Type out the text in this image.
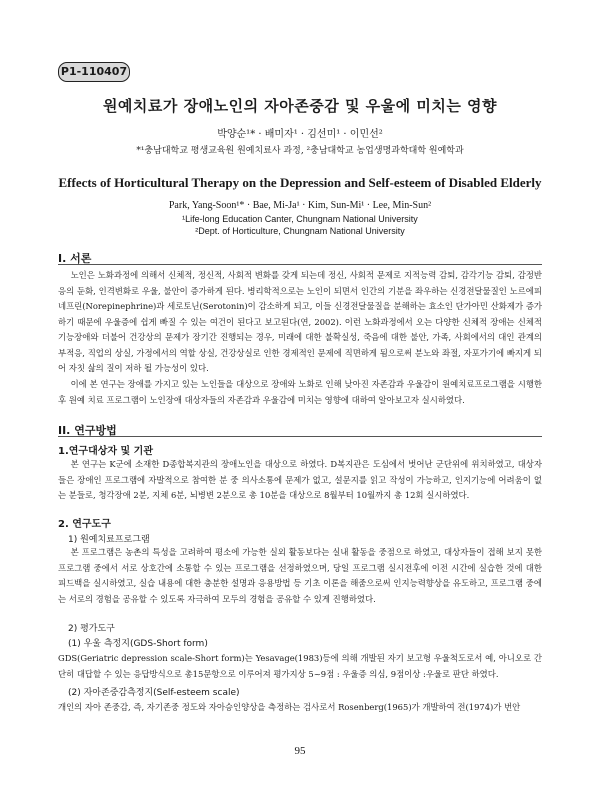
P1-110407
원예치료가 장애노인의 자아존중감 및 우울에 미치는 영향
박양순¹* · 배미자¹ · 김선미¹ · 이민선²
*¹충남대학교 평생교육원 원예치료사 과정, ²충남대학교 농업생명과학대학 원예학과
Effects of Horticultural Therapy on the Depression and Self-esteem of Disabled Elderly
Park, Yang-Soon¹* · Bae, Mi-Ja¹ · Kim, Sun-Mi¹ · Lee, Min-Sun²
¹Life-long Education Canter, Chungnam National University
²Dept. of Horticulture, Chungnam National University
I. 서론

노인은 노화과정에 의해서 신체적, 정신적, 사회적 변화를 갖게 되는데 정신, 사회적 문제로 지적능력 감퇴, 감각기능 감퇴, 감정반응의 둔화, 인격변화로 우울, 불안이 증가하게 된다. 병리학적으로는 노인이 되면서 인간의 기분을 좌우하는 신경전달물질인 노르에피네프린(Norepinephrine)과 세로토닌(Serotonin)이 감소하게 되고, 이들 신경전달물질을 분해하는 효소인 단가아민 산화제가 증가하기 때문에 우울증에 쉽게 빠질 수 있는 여건이 된다고 보고된다(연, 2002). 이런 노화과정에서 오는 다양한 신체적 장애는 신체적 기능장애와 더불어 건강상의 문제가 장기간 진행되는 경우, 미래에 대한 불확실성, 죽음에 대한 불안, 가족, 사회에서의 대인 관계의 부적응, 직업의 상실, 가정에서의 역할 상실, 건강상실로 인한 경제적인 문제에 직면하게 됨으로써 분노와 좌절, 자포가기에 빠지게 되어 자칫 삶의 질이 저하 될 가능성이 있다.

이에 본 연구는 장애를 가지고 있는 노인들을 대상으로 장애와 노화로 인해 낮아진 자존감과 우울감이 원예치료프로그램을 시행한 후 원예 치료 프로그램이 노인장애 대상자들의 자존감과 우울감에 미치는 영향에 대하여 알아보고자 실시하였다.

II. 연구방법
1.연구대상자 및 기관

본 연구는 K군에 소재한 D종합복지관의 장애노인을 대상으로 하였다. D복지관은 도심에서 벗어난 군단위에 위치하였고, 대상자들은 장애인 프로그램에 자발적으로 참여한 분 중 의사소통에 문제가 없고, 설문지를 읽고 작성이 가능하고, 인지기능에 어려움이 없는 분들로, 청각장애 2분, 지체 6분, 뇌병변 2분으로 총 10분을 대상으로 8월부터 10월까지 총 12회 실시하였다.

2. 연구도구
1) 원예치료프로그램

본 프로그램은 농촌의 특성을 고려하여 평소에 가능한 실외 활동보다는 실내 활동을 중점으로 하였고, 대상자들이 접해 보지 못한 프로그램 중에서 서로 상호간에 소통할 수 있는 프로그램을 선정하였으며, 당일 프로그램 실시전후에 이전 시간에 실습한 것에 대한 피드백을 실시하였고, 실습 내용에 대한 충분한 설명과 응용방법 등 기초 이론을 해줌으로써 인지능력향상을 유도하고, 프로그램 중에는 서로의 경험을 공유할 수 있도록 자극하여 모두의 경험을 공유할 수 있게 진행하였다.

2) 평가도구
(1) 우울 측정지(GDS-Short form)

GDS(Geriatric depression scale-Short form)는 Yesavage(1983)등에 의해 개발된 자기 보고형 우울척도로서 예, 아니오로 간단히 대답할 수 있는 응답방식으로 총15문항으로 이루어져 평가지상 5~9점 : 우울증 의심, 9점이상 :우울로 판단 하였다.

(2) 자아존중감측정지(Self-esteem scale)

개인의 자아 존중감, 즉, 자기존중 정도와 자아승인양상을 측정하는 검사로서 Rosenberg(1965)가 개발하여 전(1974)가 번안

95
